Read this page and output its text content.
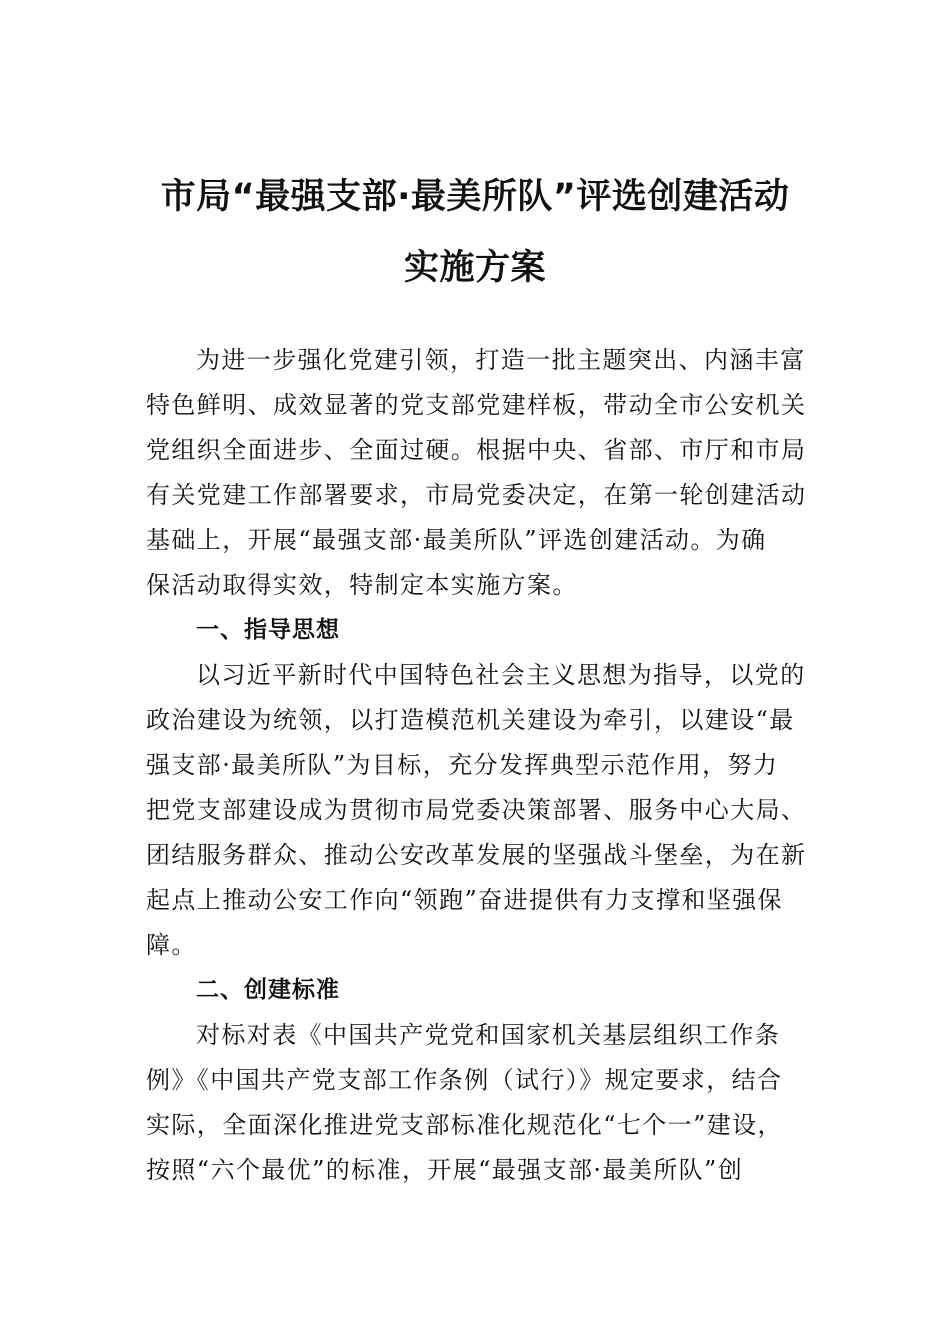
市局“最强支部·最美所队”评选创建活动
实施方案
为进一步强化党建引领，打造一批主题突出、内涵丰富
特色鲜明、成效显著的党支部党建样板，带动全市公安机关
党组织全面进步、全面过硬。根据中央、省部、市厅和市局
有关党建工作部署要求，市局党委决定，在第一轮创建活动
基础上，开展“最强支部·最美所队”评选创建活动。为确
保活动取得实效，特制定本实施方案。
一、指导思想
以习近平新时代中国特色社会主义思想为指导，以党的
政治建设为统领，以打造模范机关建设为牵引，以建设“最
强支部·最美所队”为目标，充分发挥典型示范作用，努力
把党支部建设成为贯彻市局党委决策部署、服务中心大局、
团结服务群众、推动公安改革发展的坚强战斗堡垒，为在新
起点上推动公安工作向“领跑”奋进提供有力支撑和坚强保
障。
二、创建标准
对标对表《中国共产党党和国家机关基层组织工作条
例》《中国共产党支部工作条例（试行）》规定要求，结合
实际，全面深化推进党支部标准化规范化“七个一”建设，
按照“六个最优”的标准，开展“最强支部·最美所队”创
